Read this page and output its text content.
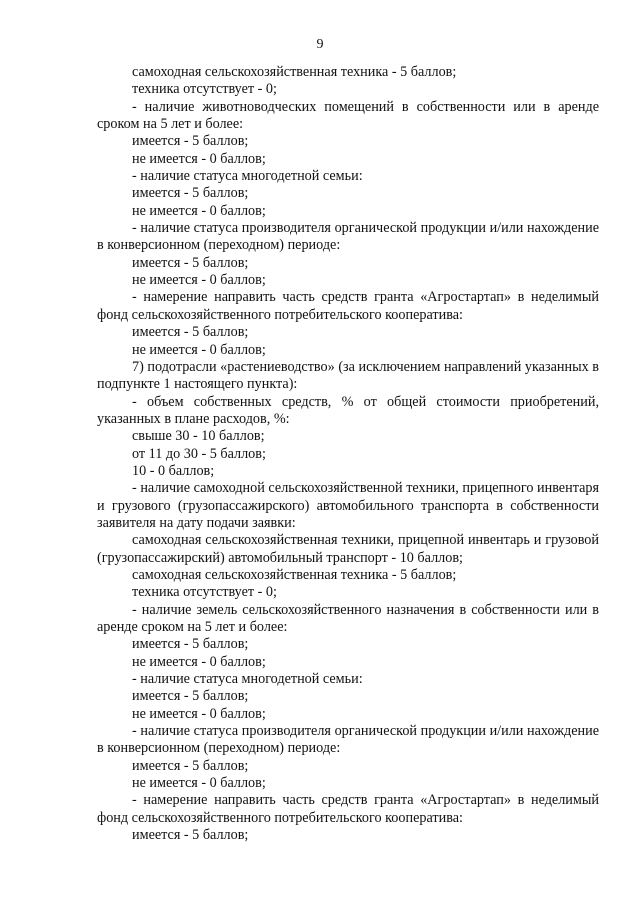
9

самоходная сельскохозяйственная техника - 5 баллов;

техника отсутствует - 0;

- наличие животноводческих помещений в собственности или в аренде сроком на 5 лет и более:

имеется - 5 баллов;

не имеется - 0 баллов;

- наличие статуса многодетной семьи:

имеется - 5 баллов;

не имеется - 0 баллов;

- наличие статуса производителя органической продукции и/или нахождение в конверсионном (переходном) периоде:

имеется - 5 баллов;

не имеется - 0 баллов;

- намерение направить часть средств гранта «Агростартап» в неделимый фонд сельскохозяйственного потребительского кооператива:

имеется - 5 баллов;

не имеется - 0 баллов;

7) подотрасли «растениеводство» (за исключением направлений указанных в подпункте 1 настоящего пункта):

- объем собственных средств, % от общей стоимости приобретений, указанных в плане расходов, %:

свыше 30 - 10 баллов;

от 11 до 30 - 5 баллов;

10 - 0 баллов;

- наличие самоходной сельскохозяйственной техники, прицепного инвентаря и грузового (грузопассажирского) автомобильного транспорта в собственности заявителя на дату подачи заявки:

самоходная сельскохозяйственная техники, прицепной инвентарь и грузовой (грузопассажирский) автомобильный транспорт - 10 баллов;

самоходная сельскохозяйственная техника - 5 баллов;

техника отсутствует - 0;

- наличие земель сельскохозяйственного назначения в собственности или в аренде сроком на 5 лет и более:

имеется - 5 баллов;

не имеется - 0 баллов;

- наличие статуса многодетной семьи:

имеется - 5 баллов;

не имеется - 0 баллов;

- наличие статуса производителя органической продукции и/или нахождение в конверсионном (переходном) периоде:

имеется - 5 баллов;

не имеется - 0 баллов;

- намерение направить часть средств гранта «Агростартап» в неделимый фонд сельскохозяйственного потребительского кооператива:

имеется - 5 баллов;
